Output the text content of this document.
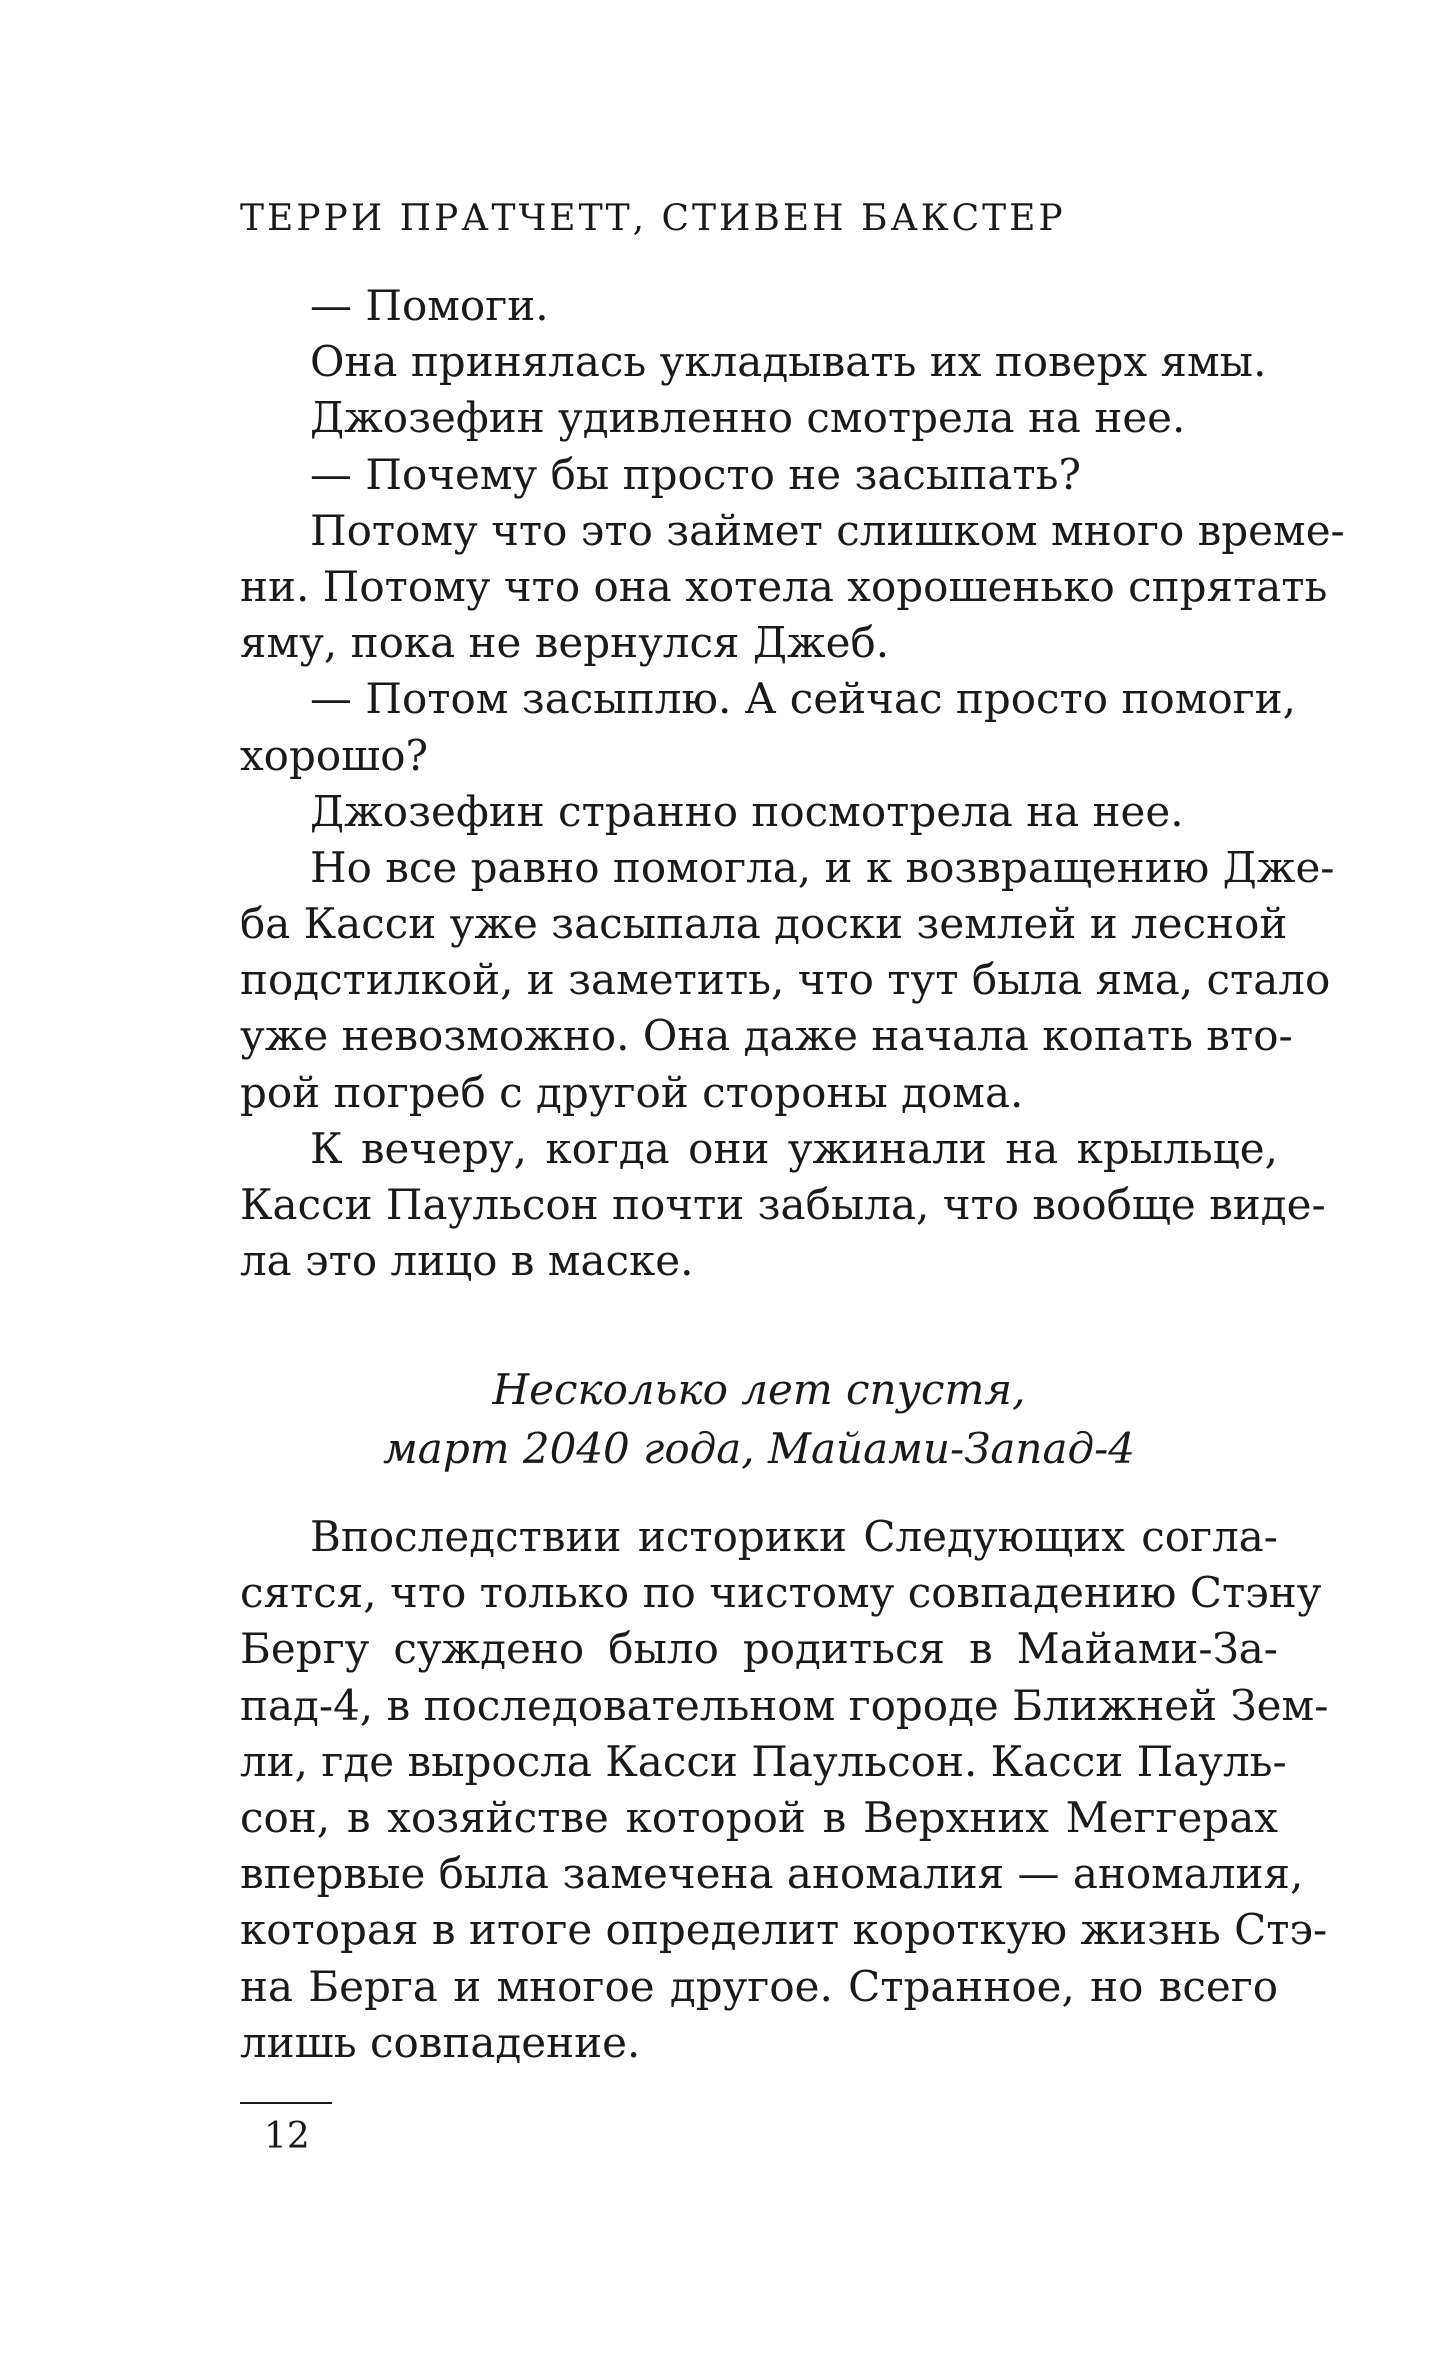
ТЕРРИ ПРАТЧЕТТ, СТИВЕН БАКСТЕР
— Помоги.
Она принялась укладывать их поверх ямы.
Джозефин удивленно смотрела на нее.
— Почему бы просто не засыпать?
Потому что это займет слишком много време-
ни. Потому что она хотела хорошенько спрятать
яму, пока не вернулся Джеб.
— Потом засыплю. А сейчас просто помоги,
хорошо?
Джозефин странно посмотрела на нее.
Но все равно помогла, и к возвращению Дже-
ба Касси уже засыпала доски землей и лесной
подстилкой, и заметить, что тут была яма, стало
уже невозможно. Она даже начала копать вто-
рой погреб с другой стороны дома.
К вечеру, когда они ужинали на крыльце,
Касси Паульсон почти забыла, что вообще виде-
ла это лицо в маске.
Несколько лет спустя,
март 2040 года, Майами-Запад-4
Впоследствии историки Следующих согла-
сятся, что только по чистому совпадению Стэну
Бергу суждено было родиться в Майами-За-
пад-4, в последовательном городе Ближней Зем-
ли, где выросла Касси Паульсон. Касси Пауль-
сон, в хозяйстве которой в Верхних Меггерах
впервые была замечена аномалия — аномалия,
которая в итоге определит короткую жизнь Стэ-
на Берга и многое другое. Странное, но всего
лишь совпадение.
12
